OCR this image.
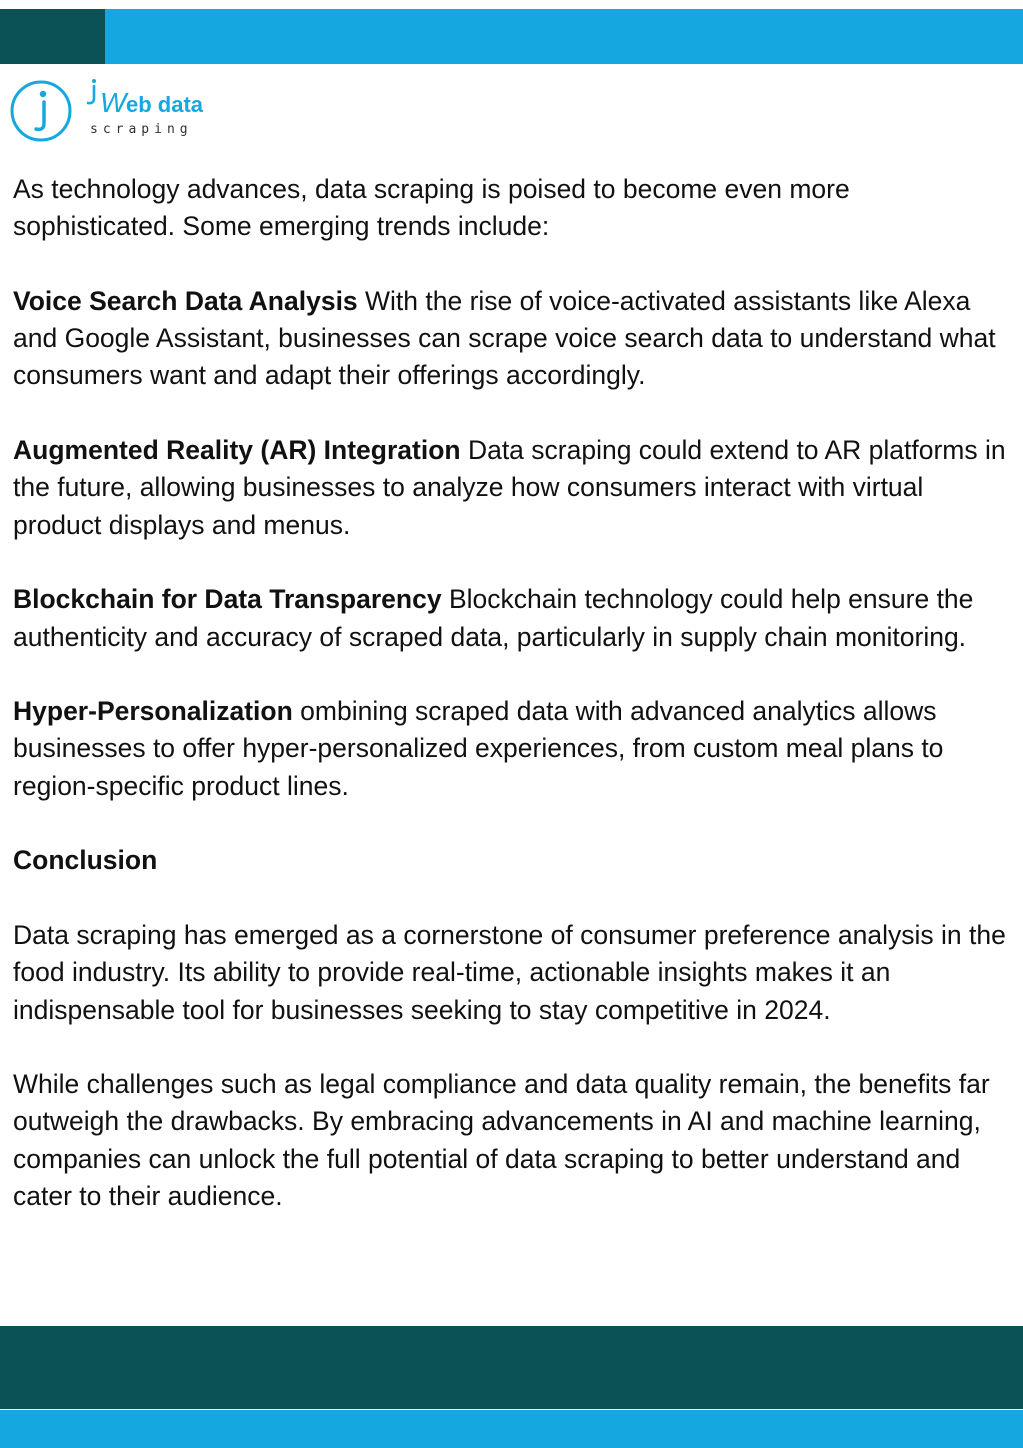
W eb data
scraping

As technology advances, data scraping is poised to become even more sophisticated. Some emerging trends include:

Voice Search Data Analysis With the rise of voice-activated assistants like Alexa and Google Assistant, businesses can scrape voice search data to understand what consumers want and adapt their offerings accordingly.

Augmented Reality (AR) Integration Data scraping could extend to AR platforms in the future, allowing businesses to analyze how consumers interact with virtual product displays and menus.

Blockchain for Data Transparency Blockchain technology could help ensure the authenticity and accuracy of scraped data, particularly in supply chain monitoring.

Hyper-Personalization ombining scraped data with advanced analytics allows businesses to offer hyper-personalized experiences, from custom meal plans to region-specific product lines.

Conclusion

Data scraping has emerged as a cornerstone of consumer preference analysis in the food industry. Its ability to provide real-time, actionable insights makes it an indispensable tool for businesses seeking to stay competitive in 2024.

While challenges such as legal compliance and data quality remain, the benefits far outweigh the drawbacks. By embracing advancements in AI and machine learning, companies can unlock the full potential of data scraping to better understand and cater to their audience.
